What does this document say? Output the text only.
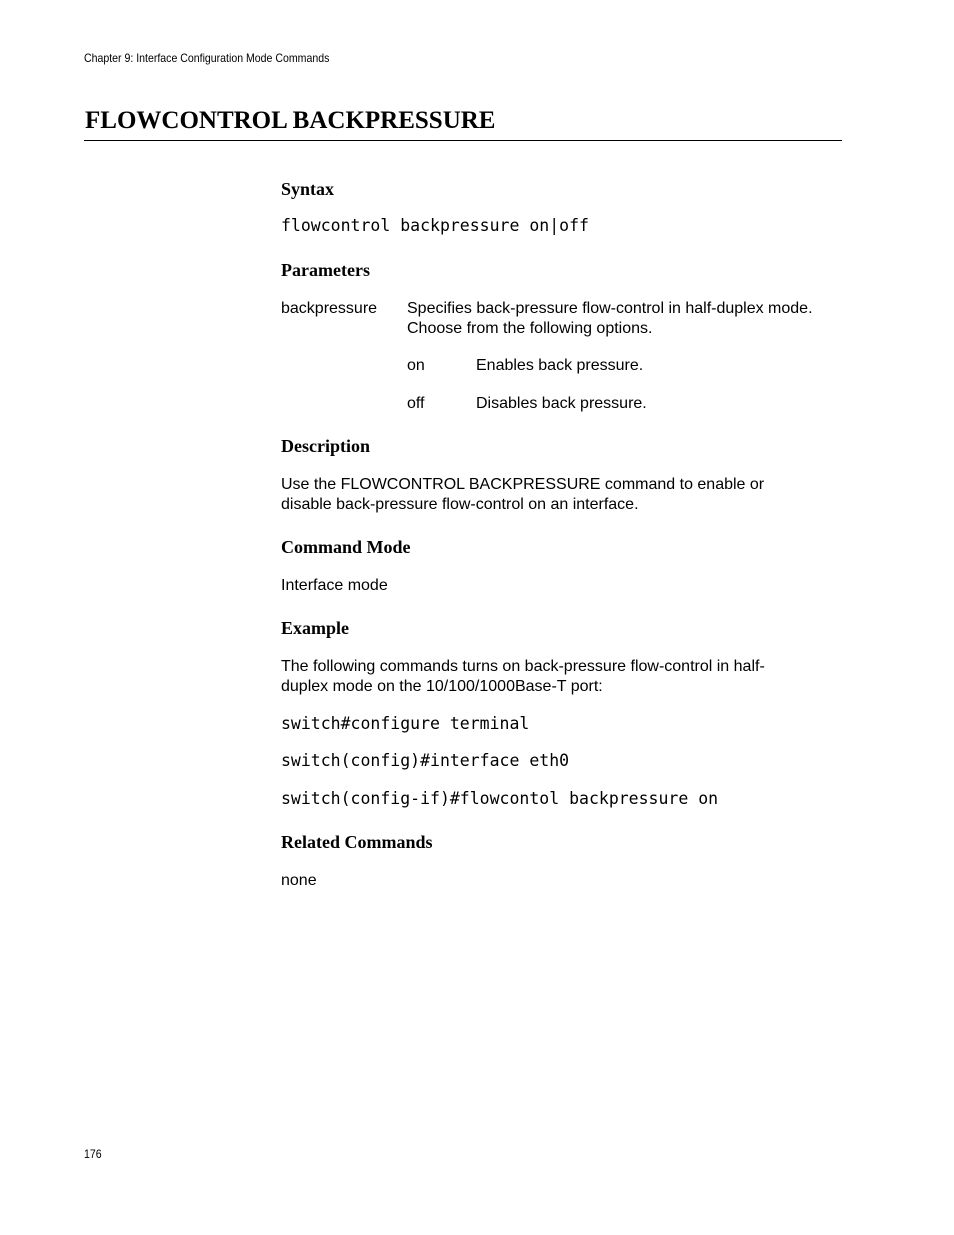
Chapter 9: Interface Configuration Mode Commands
FLOWCONTROL BACKPRESSURE
Syntax
flowcontrol backpressure on|off
Parameters
backpressure Specifies back-pressure flow-control in half-duplex mode.
Choose from the following options.
on	Enables back pressure.
off	Disables back pressure.
Description
Use the FLOWCONTROL BACKPRESSURE command to enable or
disable back-pressure flow-control on an interface.
Command Mode
Interface mode
Example
The following commands turns on back-pressure flow-control in half-
duplex mode on the 10/100/1000Base-T port:
switch#configure terminal
switch(config)#interface eth0
switch(config-if)#flowcontol backpressure on
Related Commands
none
176
